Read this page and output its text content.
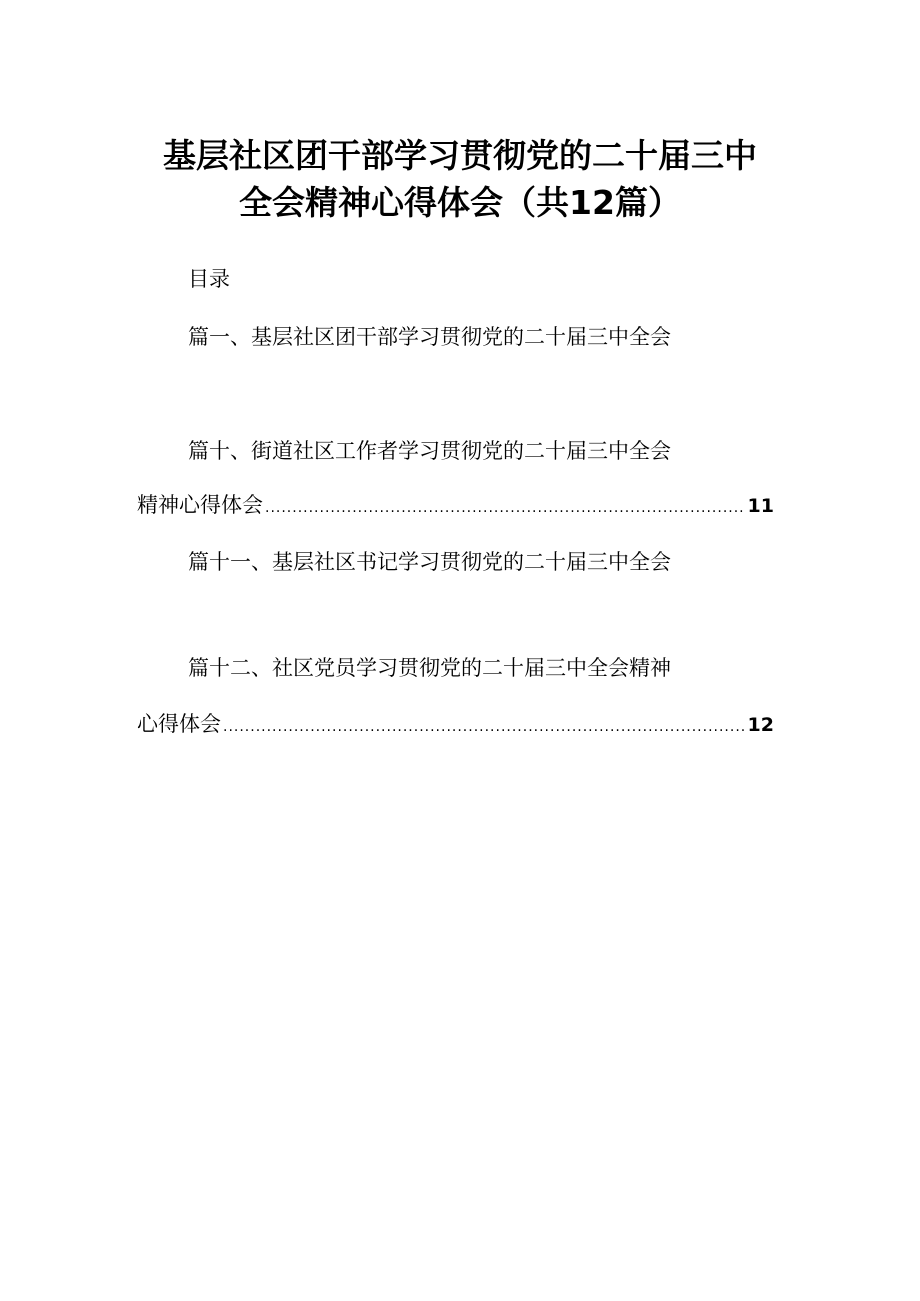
基层社区团干部学习贯彻党的二十届三中
全会精神心得体会（共12篇）
目录
篇一、基层社区团干部学习贯彻党的二十届三中全会
篇十、街道社区工作者学习贯彻党的二十届三中全会
精神心得体会 .....	11
篇十一、基层社区书记学习贯彻党的二十届三中全会
篇十二、社区党员学习贯彻党的二十届三中全会精神
心得体会 .....	12
